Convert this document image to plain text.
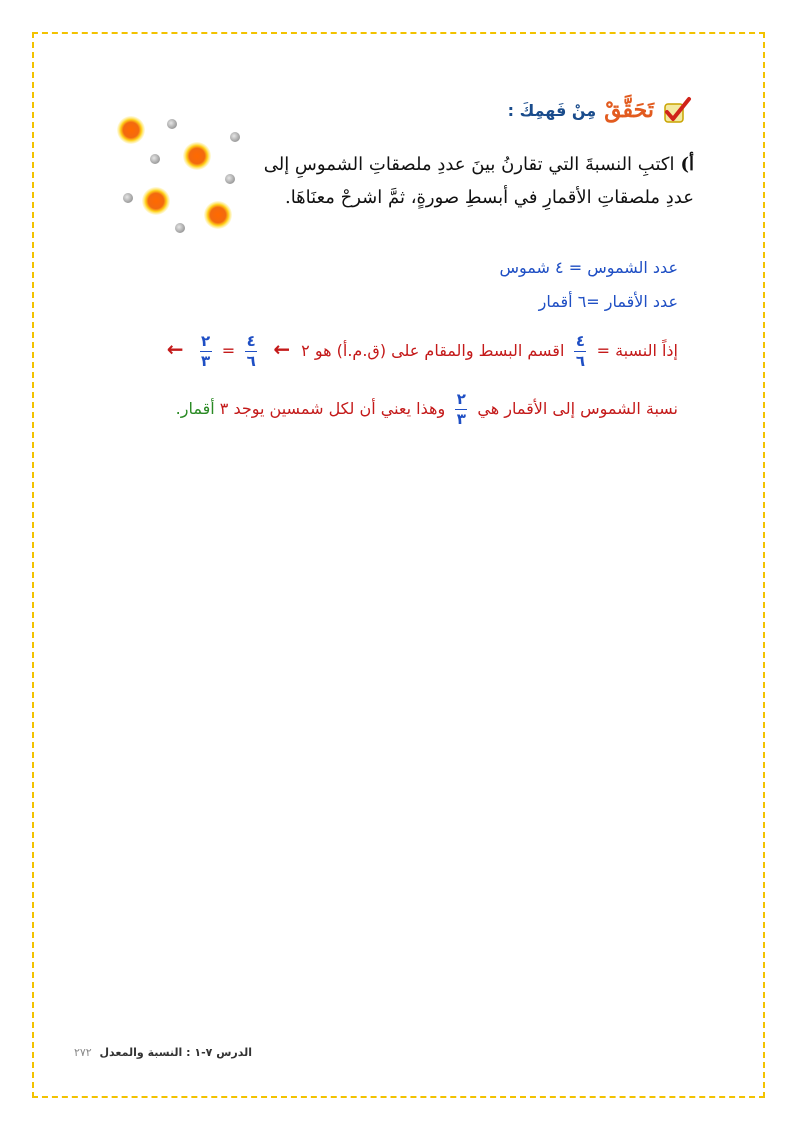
تَحَقَّقْ
مِنْ فَهمِكَ :
أ)اكتبِ النسبةَ التي تقارنُ بينَ عددِ ملصقاتِ الشموسِ إلى عددِ ملصقاتِ الأقمارِ في أبسطِ صورةٍ، ثمَّ اشرحْ معنَاهَا.
عدد الشموس = ٤ شموس
عدد الأقمار =٦ أقمار
إذاً النسبة =
$\frac{٤}{٦}$
اقسم البسط والمقام على (ق.م.أ) هو ٢ ←
$\frac{٤}{٦}$
=
$\frac{٢}{٣}$
←
نسبة الشموس إلى الأقمار هي
$\frac{٢}{٣}$
وهذا يعني أن لكل شمسين يوجد ٣ أقمار.
الدرس ٧-١ : النسبة والمعدل ٢٧٢
